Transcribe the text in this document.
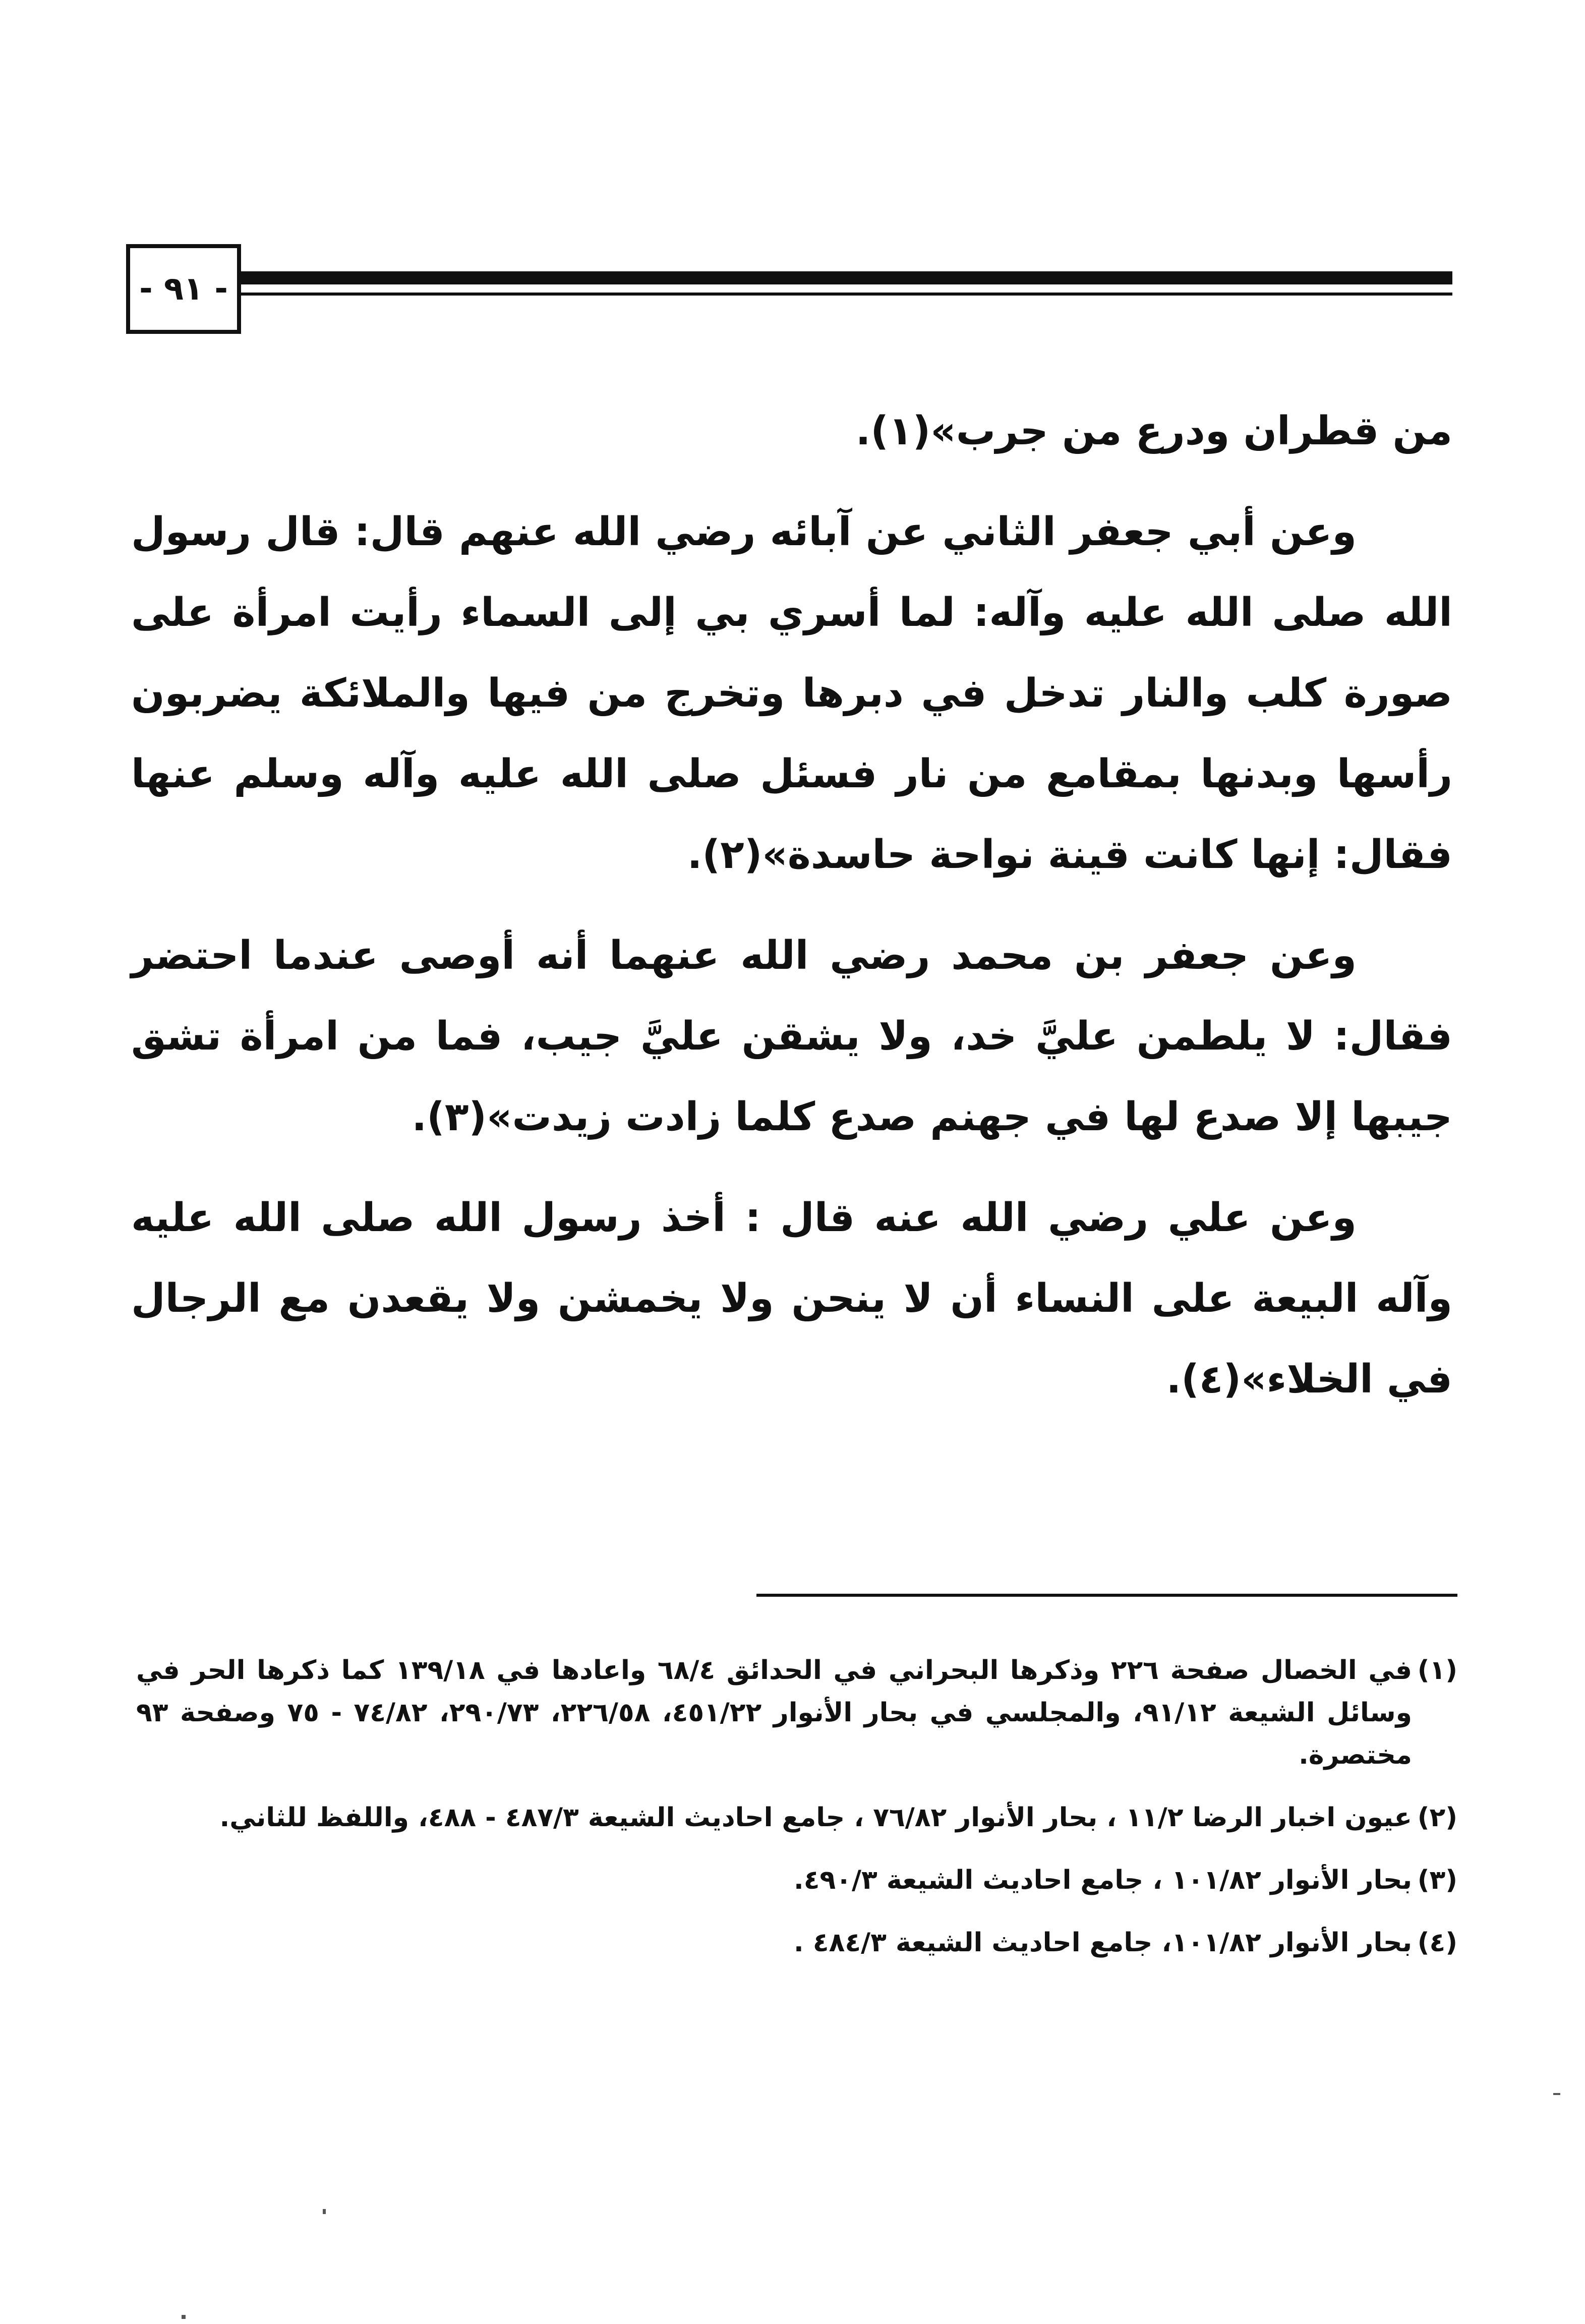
- ٩١ -

من قطران ودرع من جرب»(١).

وعن أبي جعفر الثاني عن آبائه رضي الله عنهم قال: قال رسول الله صلى الله عليه وآله: لما أسري بي إلى السماء رأيت امرأة على صورة كلب والنار تدخل في دبرها وتخرج من فيها والملائكة يضربون رأسها وبدنها بمقامع من نار فسئل صلى الله عليه وآله وسلم عنها فقال: إنها كانت قينة نواحة حاسدة»(٢).

وعن جعفر بن محمد رضي الله عنهما أنه أوصى عندما احتضر فقال: لا يلطمن عليَّ خد، ولا يشقن عليَّ جيب، فما من امرأة تشق جيبها إلا صدع لها في جهنم صدع كلما زادت زيدت»(٣).

وعن علي رضي الله عنه قال : أخذ رسول الله صلى الله عليه وآله البيعة على النساء أن لا ينحن ولا يخمشن ولا يقعدن مع الرجال في الخلاء»(٤).

(١)
في الخصال صفحة ٢٢٦ وذكرها البحراني في الحدائق ٦٨/٤ واعادها في ١٣٩/١٨ كما ذكرها الحر في وسائل الشيعة ٩١/١٢، والمجلسي في بحار الأنوار ٤٥١/٢٢، ٢٢٦/٥٨، ٢٩٠/٧٣، ٧٤/٨٢ - ٧٥ وصفحة ٩٣ مختصرة.
(٢)
عيون اخبار الرضا ١١/٢ ، بحار الأنوار ٧٦/٨٢ ، جامع احاديث الشيعة ٤٨٧/٣ - ٤٨٨، واللفظ للثاني.
(٣)
بحار الأنوار ١٠١/٨٢ ، جامع احاديث الشيعة ٤٩٠/٣.
(٤)
بحار الأنوار ١٠١/٨٢، جامع احاديث الشيعة ٤٨٤/٣ .
